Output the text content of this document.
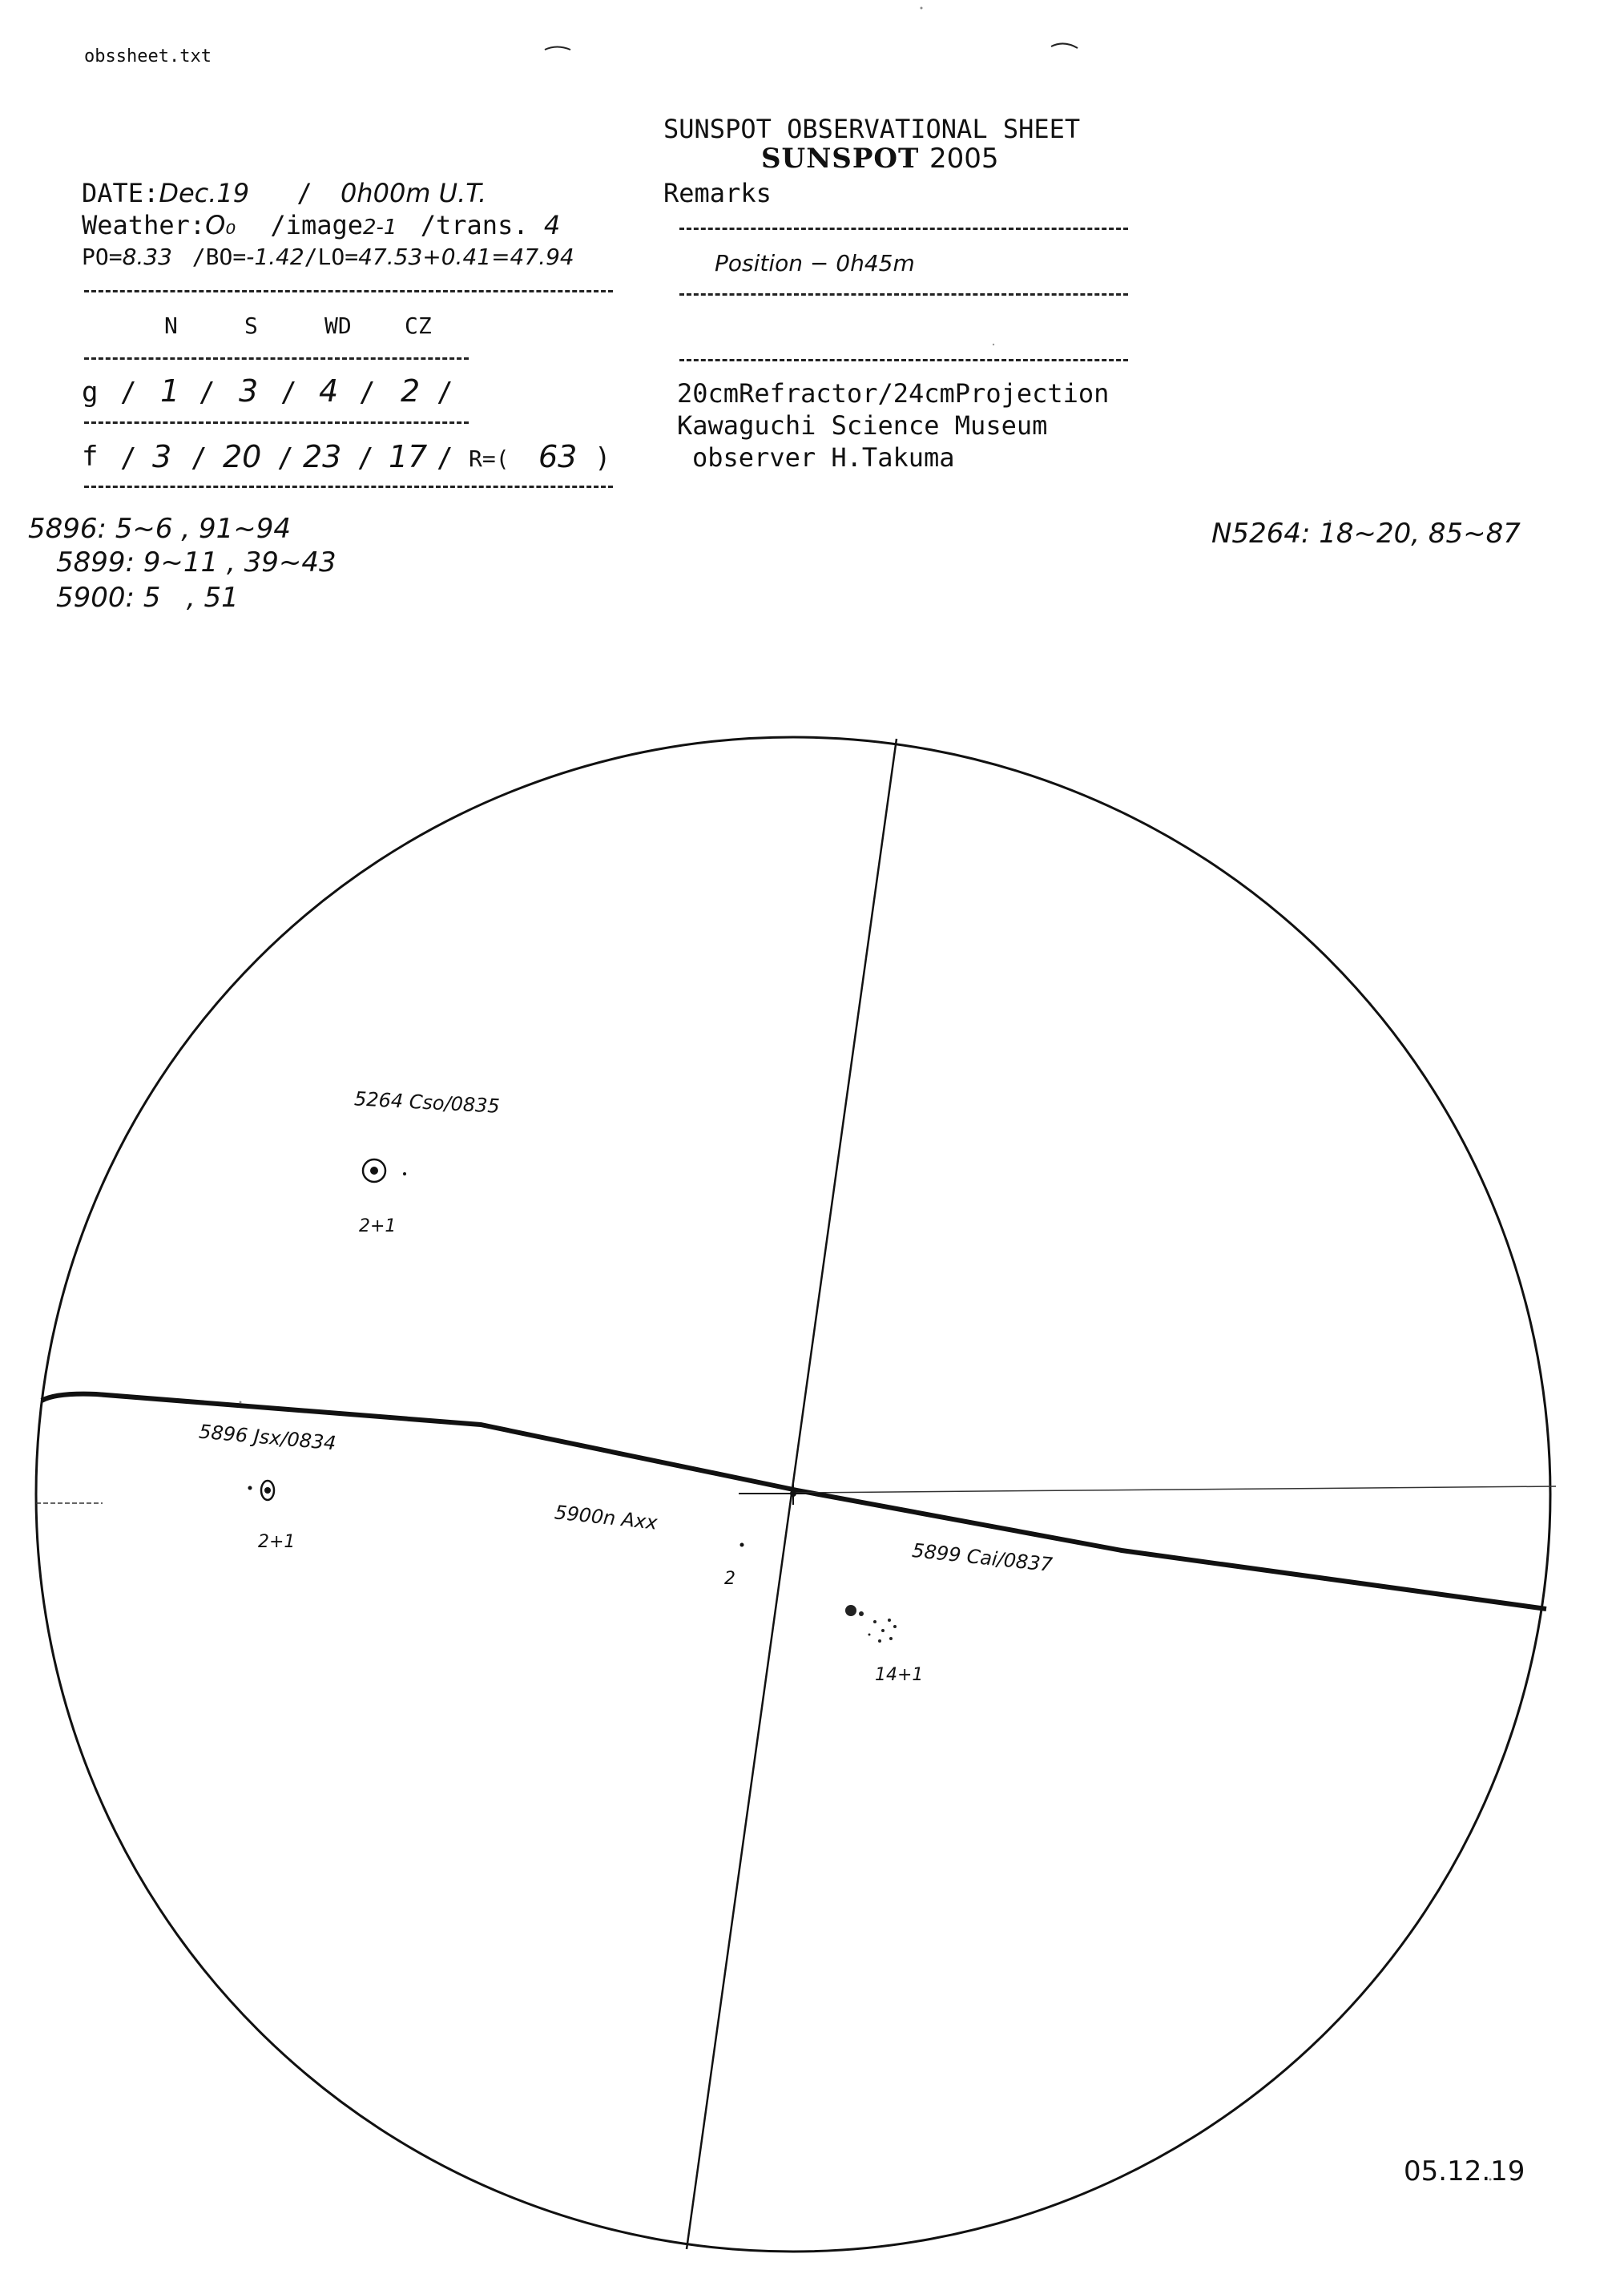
obssheet.txt
SUNSPOT OBSERVATIONAL SHEET
SUNSPOT 2005
Remarks
Position − 0h45m
20cmRefractor/24cmProjection
Kawaguchi Science Museum
observer H.Takuma
DATE:Dec.19 / 0h00m U.T.
Weather:O₀ /image2-1 /trans. 4
PO=8.33 /BO=-1.42/LO=47.53+0.41=47.94
N	S	WD CZ
g / 1 / 3 / 4 / 2 /
f / 3 / 20 / 23 / 17 / R=( 63 )
5896: 5~6 , 91~94
5899: 9~11 , 39~43
5900: 5   , 51
N5264: 18~20, 85~87
5264 Cso/0835
2+1
5896 Jsx/0834
2+1
5900n Axx
2
5899 Cai/0837
14+1
05.12.19
